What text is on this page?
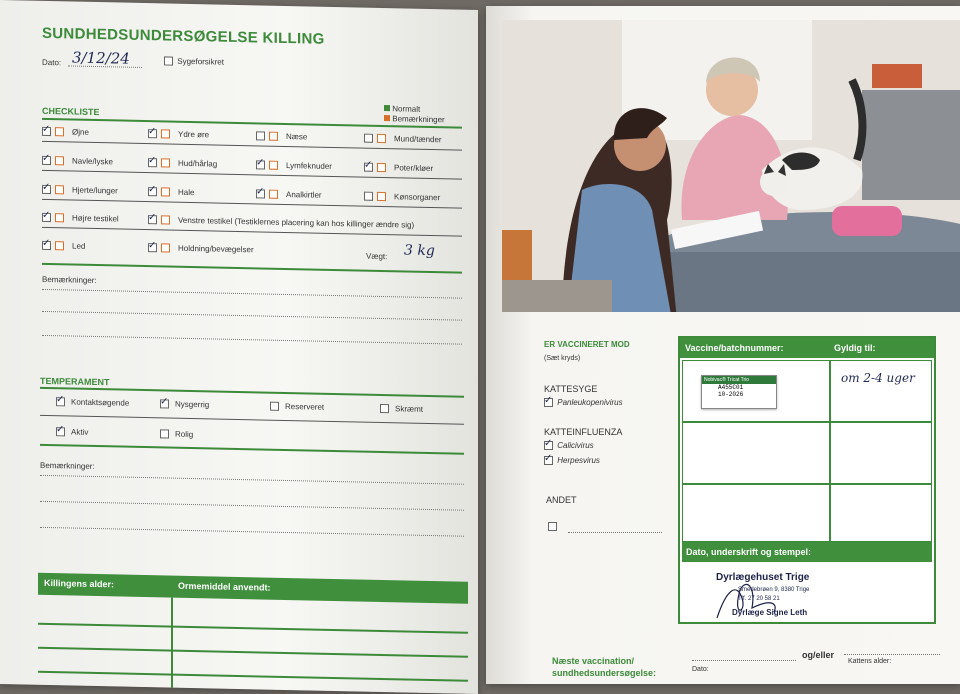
SUNDHEDSUNDERSØGELSE KILLING
Dato: 3/12/24	Sygeforsikret
Normalt
Bemærkninger
CHECKLISTE
✓Øjne ✓	Ydre øre	Næse	Mund/tænder
✓Navle/lyske ✓	Hud/hårlag ✓	Lymfeknuder ✓	Poter/kløer
✓Hjerte/lunger ✓	Hale ✓	Analkirtler	Kønsorganer
✓Højre testikel ✓	Venstre testikel (Testiklernes placering kan hos killinger ændre sig)
✓Led ✓	Holdning/bevægelser
Vægt: 3 kg
Bemærkninger:
TEMPERAMENT
✓Kontaktsøgende ✓	Nysgerrig	Reserveret	Skræmt
✓Aktiv	Rolig
Bemærkninger:
Killingens alder:	Ormemiddel anvendt:
ER VACCINERET MOD
(Sæt kryds)
KATTESYGE
✓ Panleukopenivirus
KATTEINFLUENZA
✓ Calicivirus
✓ Herpesvirus
ANDET
Vaccine/batchnummer:	Gyldig til:
Nobivac® Tricat Trio
A455C01
10-2026
om 2-4 uger
Dato, underskrift og stempel:
Dyrlægehuset Trige
Smedebrøen 9, 8380 Trige
Tlf. 27 20 58 21
Dyrlæge Signe Leth
Næste vaccination/
sundhedsundersøgelse:	Dato:
og/eller
Kattens alder:
